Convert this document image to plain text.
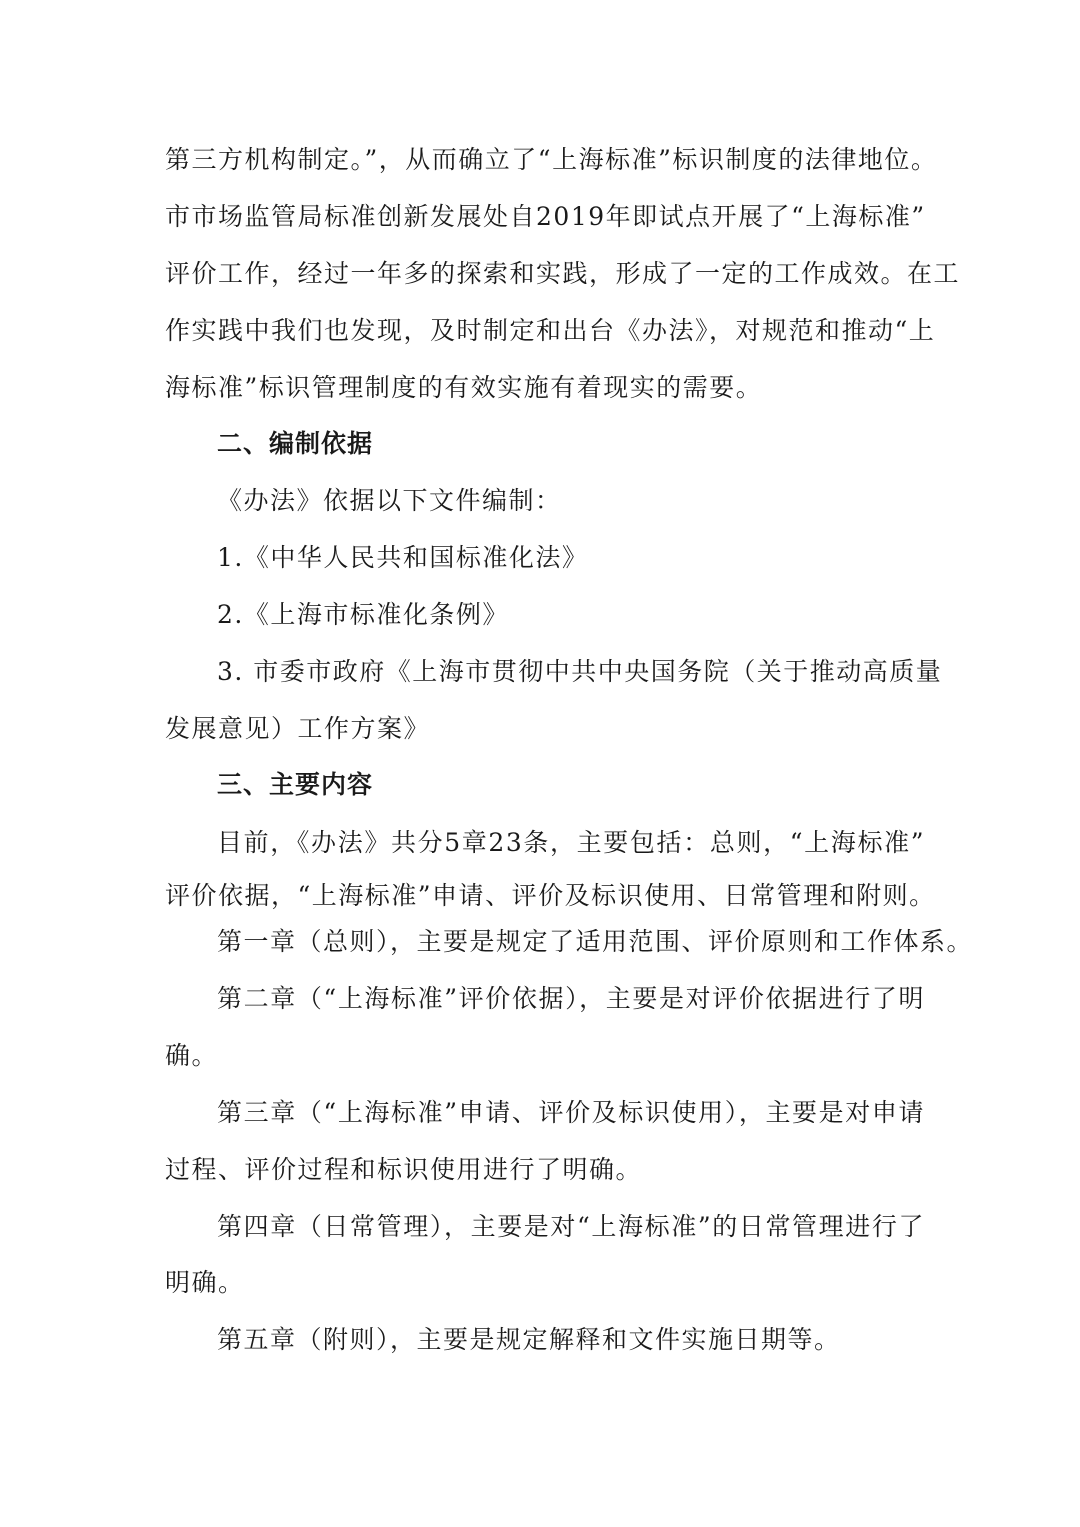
第三方机构制定。”，从而确立了“上海标准”标识制度的法律地位。
市市场监管局标准创新发展处自2019年即试点开展了“上海标准”
评价工作，经过一年多的探索和实践，形成了一定的工作成效。在工
作实践中我们也发现，及时制定和出台《办法》，对规范和推动“上
海标准”标识管理制度的有效实施有着现实的需要。
二、编制依据
《办法》依据以下文件编制：
1.《中华人民共和国标准化法》
2.《上海市标准化条例》
3. 市委市政府《上海市贯彻中共中央国务院（关于推动高质量
发展意见）工作方案》
三、主要内容
目前，《办法》共分5章23条，主要包括：总则，“上海标准”
评价依据，“上海标准”申请、评价及标识使用、日常管理和附则。
第一章（总则），主要是规定了适用范围、评价原则和工作体系。
第二章（“上海标准”评价依据），主要是对评价依据进行了明
确。
第三章（“上海标准”申请、评价及标识使用），主要是对申请
过程、评价过程和标识使用进行了明确。
第四章（日常管理），主要是对“上海标准”的日常管理进行了
明确。
第五章（附则），主要是规定解释和文件实施日期等。
